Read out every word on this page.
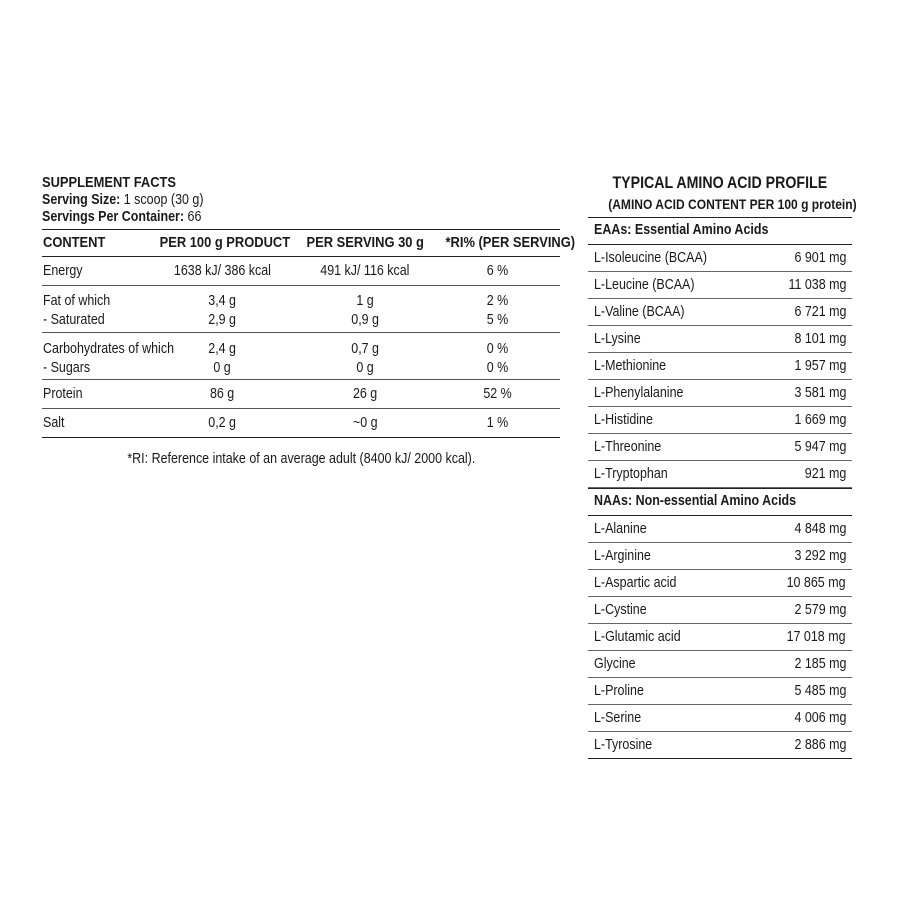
SUPPLEMENT FACTS
Serving Size: 1 scoop (30 g)
Servings Per Container: 66
CONTENT	PER 100 g PRODUCT	PER SERVING 30 g	*RI% (PER SERVING)
Energy	1638 kJ/ 386 kcal	491 kJ/ 116 kcal	6 %
Fat of which	3,4 g	1 g	2 %
- Saturated	2,9 g	0,9 g	5 %
Carbohydrates of which	2,4 g	0,7 g	0 %
- Sugars	0 g	0 g	0 %
Protein	86 g	26 g	52 %
Salt	0,2 g	~0 g	1 %
*RI: Reference intake of an average adult (8400 kJ/ 2000 kcal).
TYPICAL AMINO ACID PROFILE
(AMINO ACID CONTENT PER 100 g protein)
EAAs: Essential Amino Acids
L-Isoleucine (BCAA)	6 901 mg
L-Leucine (BCAA)	11 038 mg
L-Valine (BCAA)	6 721 mg
L-Lysine	8 101 mg
L-Methionine	1 957 mg
L-Phenylalanine	3 581 mg
L-Histidine	1 669 mg
L-Threonine	5 947 mg
L-Tryptophan	921 mg
NAAs: Non-essential Amino Acids
L-Alanine	4 848 mg
L-Arginine	3 292 mg
L-Aspartic acid	10 865 mg
L-Cystine	2 579 mg
L-Glutamic acid	17 018 mg
Glycine	2 185 mg
L-Proline	5 485 mg
L-Serine	4 006 mg
L-Tyrosine	2 886 mg
